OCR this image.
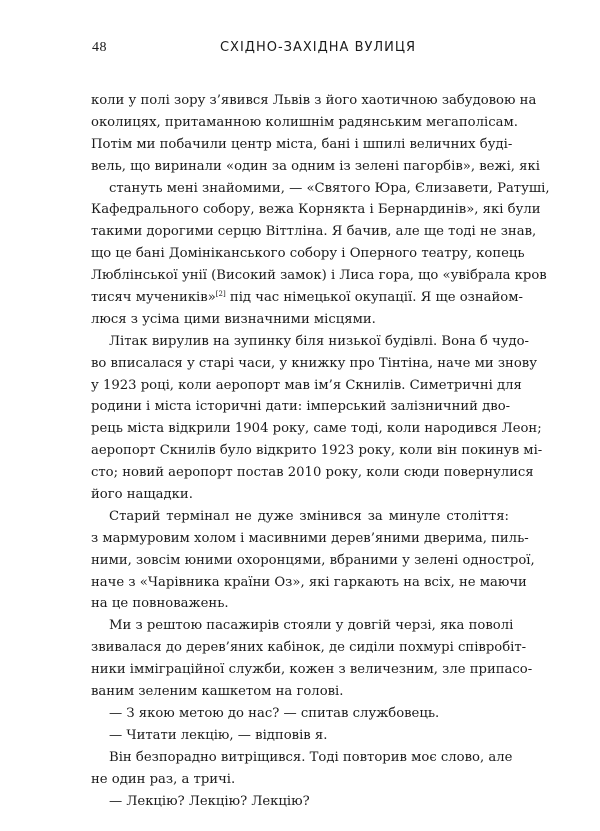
48	СХІДНО-ЗАХІДНА ВУЛИЦЯ
коли у полі зору з’явився Львів з його хаотичною забудовою на
околицях, притаманною колишнім радянським мегаполісам.
Потім ми побачили центр міста, бані і шпилі величних буді-
вель, що виринали «один за одним із зелені пагорбів», вежі, які
стануть мені знайомими, — «Святого Юра, Єлизавети, Ратуші,
Кафедрального собору, вежа Корнякта і Бернардинів», які були
такими дорогими серцю Віттліна. Я бачив, але ще тоді не знав,
що це бані Домініканського собору і Оперного театру, копець
Люблінської унії (Високий замок) і Лиса гора, що «увібрала кров
тисяч мучеників»[2] під час німецької окупації. Я ще ознайом-
люся з усіма цими визначними місцями.
Літак вирулив на зупинку біля низької будівлі. Вона б чудо-
во вписалася у старі часи, у книжку про Тінтіна, наче ми знову
у 1923 році, коли аеропорт мав ім’я Скнилів. Симетричні для
родини і міста історичні дати: імперський залізничний дво-
рець міста відкрили 1904 року, саме тоді, коли народився Леон;
аеропорт Скнилів було відкрито 1923 року, коли він покинув мі-
сто; новий аеропорт постав 2010 року, коли сюди повернулися
його нащадки.
Старий термінал не дуже змінився за минуле століття:
з мармуровим холом і масивними дерев’яними дверима, пиль-
ними, зовсім юними охоронцями, вбраними у зелені однострої,
наче з «Чарівника країни Оз», які гаркають на всіх, не маючи
на це повноважень.
Ми з рештою пасажирів стояли у довгій черзі, яка поволі
звивалася до дерев’яних кабінок, де сиділи похмурі співробіт-
ники імміграційної служби, кожен з величезним, зле припасо-
ваним зеленим кашкетом на голові.
— З якою метою до нас? — спитав службовець.
— Читати лекцію, — відповів я.
Він безпорадно витріщився. Тоді повторив моє слово, але
не один раз, а тричі.
— Лекцію? Лекцію? Лекцію?
